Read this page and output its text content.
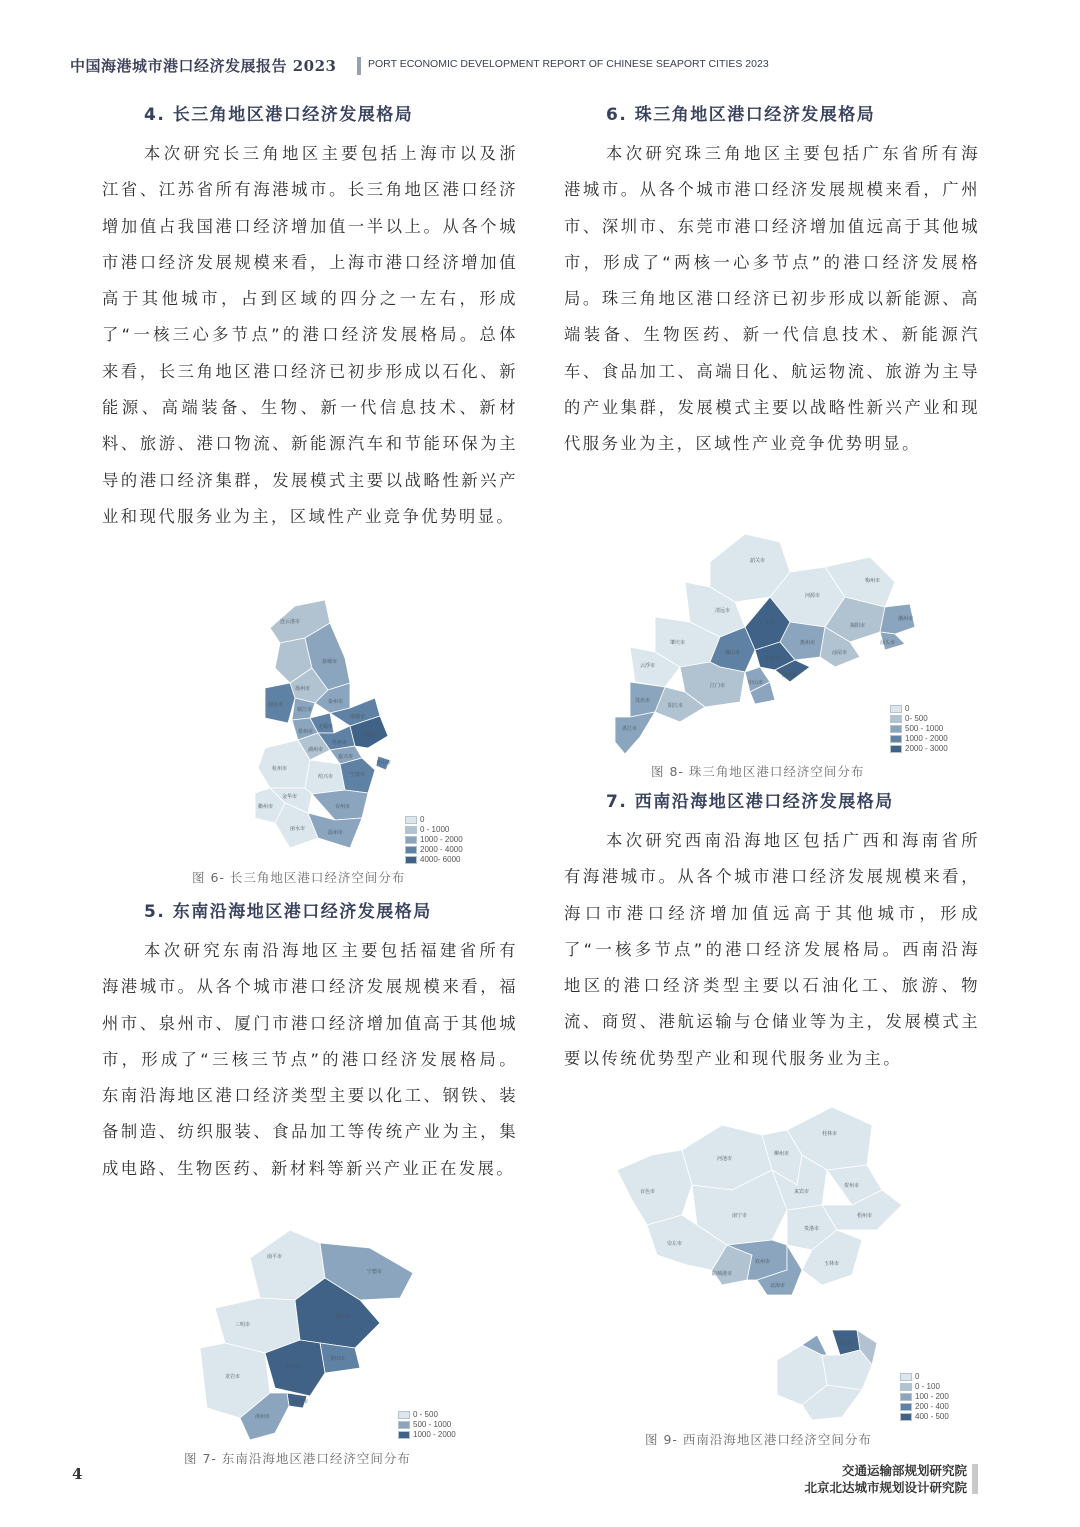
中国海港城市港口经济发展报告 2023	PORT ECONOMIC DEVELOPMENT REPORT OF CHINESE SEAPORT CITIES 2023
4. 长三角地区港口经济发展格局

本次研究长三角地区主要包括上海市以及浙江省、江苏省所有海港城市。长三角地区港口经济增加值占我国港口经济增加值一半以上。从各个城市港口经济发展规模来看，上海市港口经济增加值高于其他城市，占到区域的四分之一左右，形成了“一核三心多节点”的港口经济发展格局。总体来看，长三角地区港口经济已初步形成以石化、新能源、高端装备、生物、新一代信息技术、新材料、旅游、港口物流、新能源汽车和节能环保为主导的港口经济集群，发展模式主要以战略性新兴产业和现代服务业为主，区域性产业竞争优势明显。

连云港市
盐城市
扬州市
泰州市
南京市
镇江市
南通市
常州市
无锡市
苏州市
上海市
湖州市
嘉兴市
杭州市
绍兴市	宁波市
舟山市
金华市
台州市
衢州市
丽水市
温州市
0
0 - 1000
1000 - 2000
2000 - 4000
4000- 6000
图 6- 长三角地区港口经济空间分布
5. 东南沿海地区港口经济发展格局

本次研究东南沿海地区主要包括福建省所有海港城市。从各个城市港口经济发展规模来看，福州市、泉州市、厦门市港口经济增加值高于其他城市，形成了“三核三节点”的港口经济发展格局。东南沿海地区港口经济类型主要以化工、钢铁、装备制造、纺织服装、食品加工等传统产业为主，集成电路、生物医药、新材料等新兴产业正在发展。

南平市
宁德市
三明市
福州市
莆田市
龙岩市
泉州市
漳州市
厦门市
0 - 500
500 - 1000
1000 - 2000
图 7- 东南沿海地区港口经济空间分布
6. 珠三角地区港口经济发展格局

本次研究珠三角地区主要包括广东省所有海港城市。从各个城市港口经济发展规模来看，广州市、深圳市、东莞市港口经济增加值远高于其他城市，形成了“两核一心多节点”的港口经济发展格局。珠三角地区港口经济已初步形成以新能源、高端装备、生物医药、新一代信息技术、新能源汽车、食品加工、高端日化、航运物流、旅游为主导的产业集群，发展模式主要以战略性新兴产业和现代服务业为主，区域性产业竞争优势明显。

韶关市
清远市
河源市
梅州市
肇庆市
广州市
惠州市
潮州市
云浮市
佛山市
东莞市
汕头市
江门市	中山市
深圳市
汕尾市
阳江市
茂名市
湛江市
揭阳市
0
0- 500
500 - 1000
1000 - 2000
2000 - 3000
图 8- 珠三角地区港口经济空间分布
7. 西南沿海地区港口经济发展格局

本次研究西南沿海地区包括广西和海南省所有海港城市。从各个城市港口经济发展规模来看，海口市港口经济增加值远高于其他城市，形成了“一核多节点”的港口经济发展格局。西南沿海地区的港口经济类型主要以石油化工、旅游、物流、商贸、港航运输与仓储业等为主，发展模式主要以传统优势型产业和现代服务业为主。

桂林市
河池市
柳州市
贺州市
百色市	来宾市
梧州市
南宁市
贵港市
崇左市
钦州市
北海市
玉林市
防城港市
海口市
0
0 - 100
100 - 200
200 - 400
400 - 500
图 9- 西南沿海地区港口经济空间分布
4	交通运输部规划研究院
北京北达城市规划设计研究院
